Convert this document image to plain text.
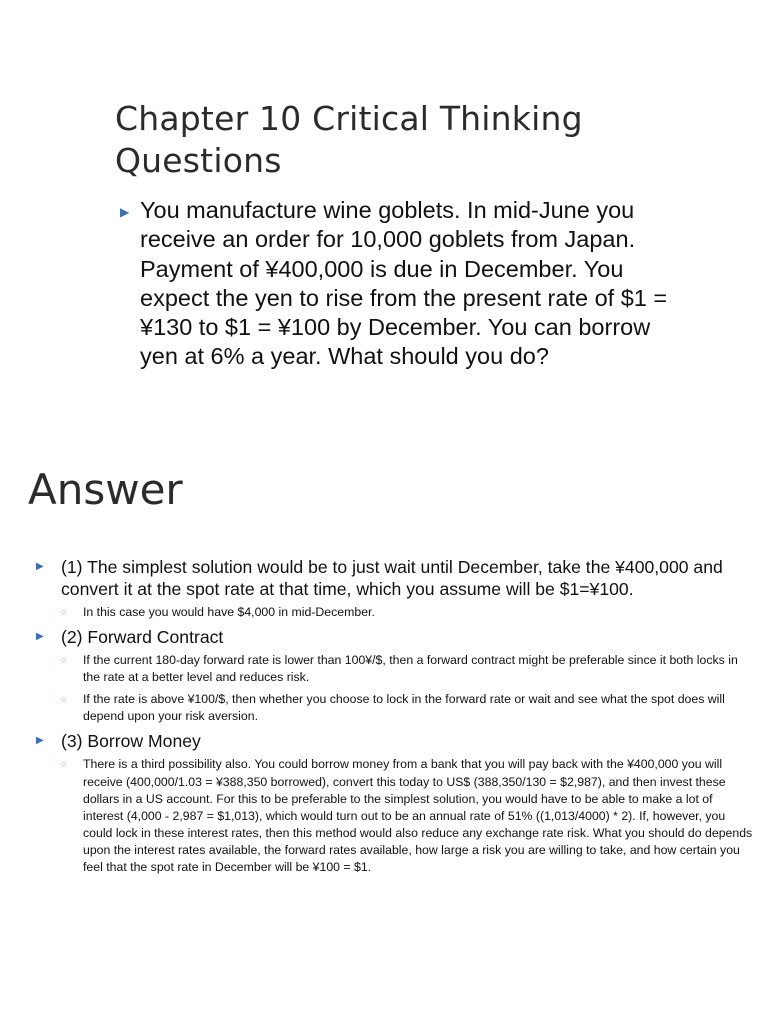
Chapter 10 Critical Thinking Questions
▶ You manufacture wine goblets. In mid-June you receive an order for 10,000 goblets from Japan. Payment of ¥400,000 is due in December. You expect the yen to rise from the present rate of $1 = ¥130 to $1 = ¥100 by December. You can borrow yen at 6% a year. What should you do?
Answer
▶ (1) The simplest solution would be to just wait until December, take the ¥400,000 and convert it at the spot rate at that time, which you assume will be $1=¥100.
○	In this case you would have $4,000 in mid-December.
▶ (2) Forward Contract
○	If the current 180-day forward rate is lower than 100¥/$, then a forward contract might be preferable since it both locks in the rate at a better level and reduces risk.
○	If the rate is above ¥100/$, then whether you choose to lock in the forward rate or wait and see what the spot does will depend upon your risk aversion.
▶ (3) Borrow Money
○	There is a third possibility also. You could borrow money from a bank that you will pay back with the ¥400,000 you will receive (400,000/1.03 = ¥388,350 borrowed), convert this today to US$ (388,350/130 = $2,987), and then invest these dollars in a US account. For this to be preferable to the simplest solution, you would have to be able to make a lot of interest (4,000 - 2,987 = $1,013), which would turn out to be an annual rate of 51% ((1,013/4000) * 2). If, however, you could lock in these interest rates, then this method would also reduce any exchange rate risk. What you should do depends upon the interest rates available, the forward rates available, how large a risk you are willing to take, and how certain you feel that the spot rate in December will be ¥100 = $1.
